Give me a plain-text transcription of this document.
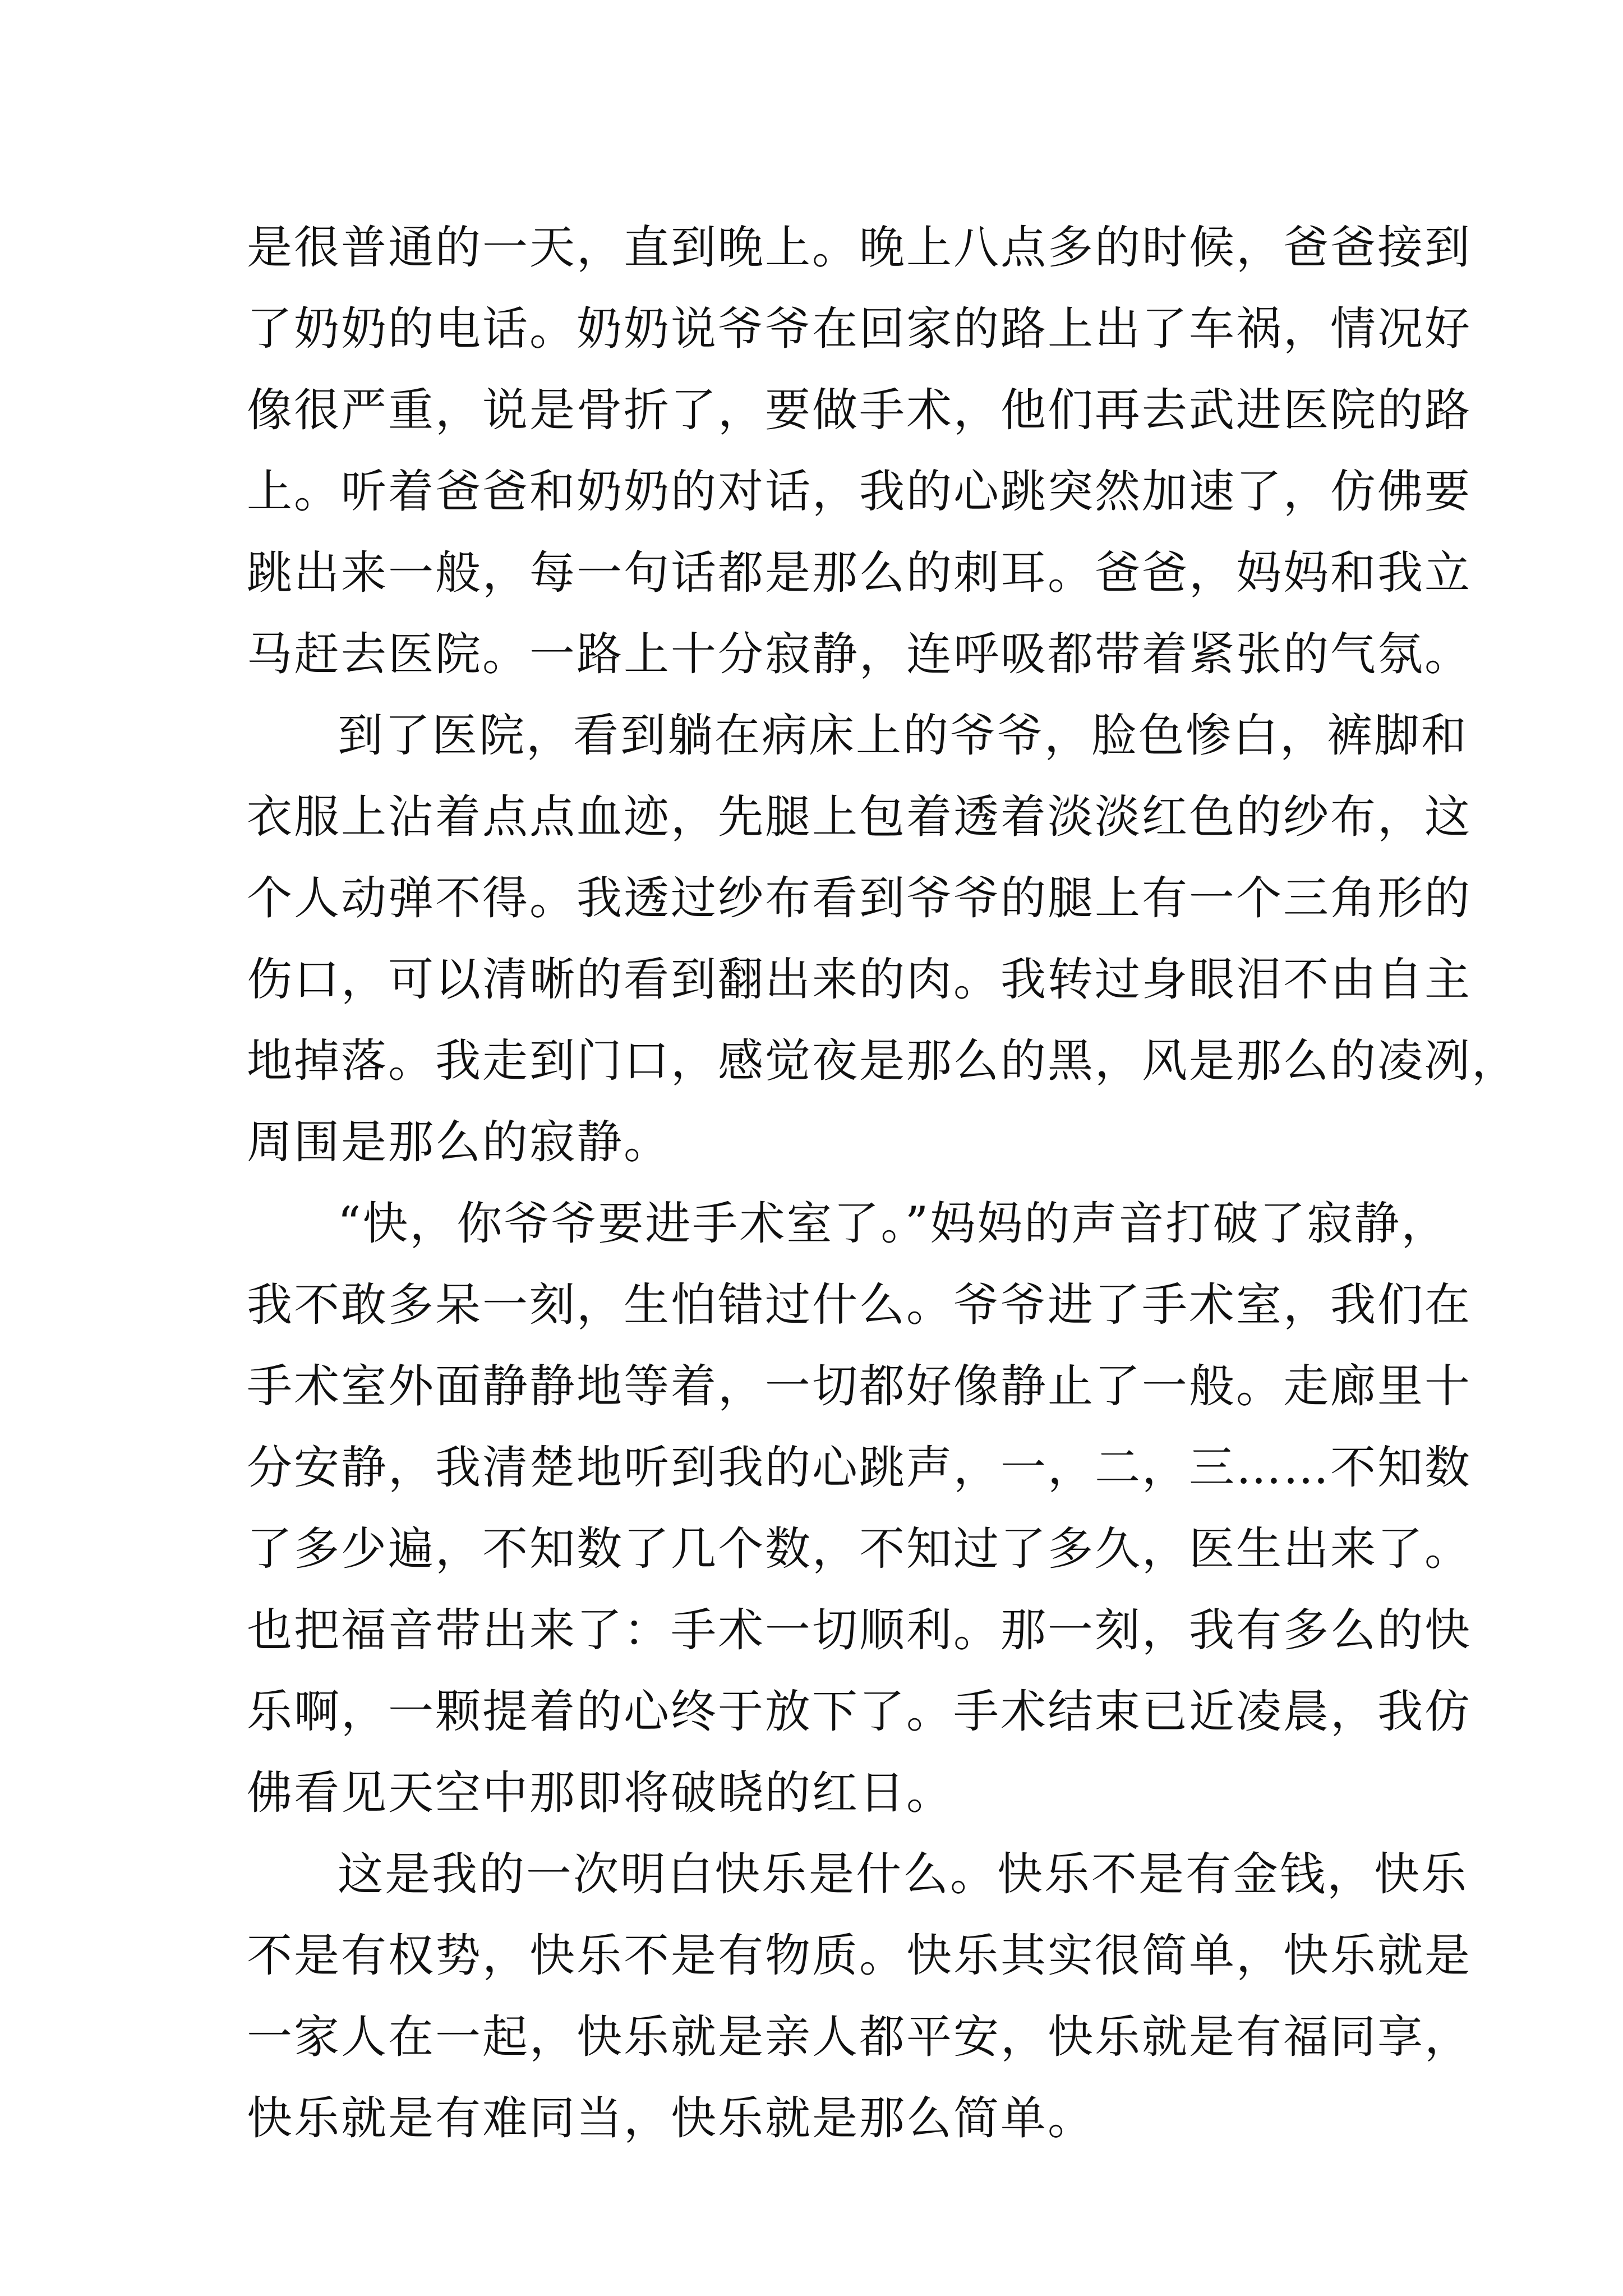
是很普通的一天，直到晚上。晚上八点多的时候，爸爸接到
了奶奶的电话。奶奶说爷爷在回家的路上出了车祸，情况好
像很严重，说是骨折了，要做手术，他们再去武进医院的路
上。听着爸爸和奶奶的对话，我的心跳突然加速了，仿佛要
跳出来一般，每一句话都是那么的刺耳。爸爸，妈妈和我立
马赶去医院。一路上十分寂静，连呼吸都带着紧张的气氛。
到了医院，看到躺在病床上的爷爷，脸色惨白，裤脚和
衣服上沾着点点血迹，先腿上包着透着淡淡红色的纱布，这
个人动弹不得。我透过纱布看到爷爷的腿上有一个三角形的
伤口，可以清晰的看到翻出来的肉。我转过身眼泪不由自主
地掉落。我走到门口，感觉夜是那么的黑，风是那么的凌冽，
周围是那么的寂静。
“快，你爷爷要进手术室了。”妈妈的声音打破了寂静，
我不敢多呆一刻，生怕错过什么。爷爷进了手术室，我们在
手术室外面静静地等着，一切都好像静止了一般。走廊里十
分安静，我清楚地听到我的心跳声，一，二，三……不知数
了多少遍，不知数了几个数，不知过了多久，医生出来了。
也把福音带出来了：手术一切顺利。那一刻，我有多么的快
乐啊，一颗提着的心终于放下了。手术结束已近凌晨，我仿
佛看见天空中那即将破晓的红日。
这是我的一次明白快乐是什么。快乐不是有金钱，快乐
不是有权势，快乐不是有物质。快乐其实很简单，快乐就是
一家人在一起，快乐就是亲人都平安，快乐就是有福同享，
快乐就是有难同当，快乐就是那么简单。
